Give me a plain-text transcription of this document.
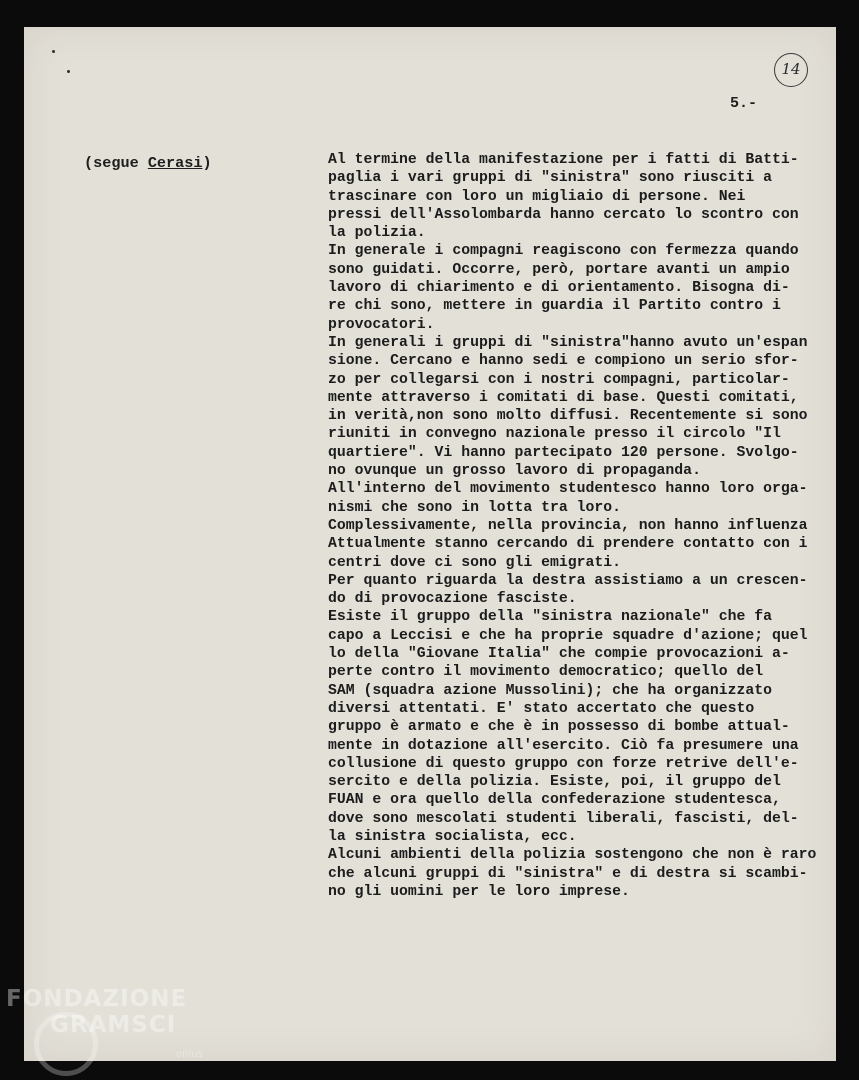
14
5.-
(segue Cerasi)	Al termine della manifestazione per i fatti di Batti-
paglia i vari gruppi di "sinistra" sono riusciti a
trascinare con loro un migliaio di persone. Nei
pressi dell'Assolombarda hanno cercato lo scontro con
la polizia.
In generale i compagni reagiscono con fermezza quando
sono guidati. Occorre, però, portare avanti un ampio
lavoro di chiarimento e di orientamento. Bisogna di-
re chi sono, mettere in guardia il Partito contro i
provocatori.
In generali i gruppi di "sinistra"hanno avuto un'espan
sione. Cercano e hanno sedi e compiono un serio sfor-
zo per collegarsi con i nostri compagni, particolar-
mente attraverso i comitati di base. Questi comitati,
in verità,non sono molto diffusi. Recentemente si sono
riuniti in convegno nazionale presso il circolo "Il
quartiere". Vi hanno partecipato 120 persone. Svolgo-
no ovunque un grosso lavoro di propaganda.
All'interno del movimento studentesco hanno loro orga-
nismi che sono in lotta tra loro.
Complessivamente, nella provincia, non hanno influenza
Attualmente stanno cercando di prendere contatto con i
centri dove ci sono gli emigrati.
Per quanto riguarda la destra assistiamo a un crescen-
do di provocazione fasciste.
Esiste il gruppo della "sinistra nazionale" che fa
capo a Leccisi e che ha proprie squadre d'azione; quel
lo della "Giovane Italia" che compie provocazioni a-
perte contro il movimento democratico; quello del
SAM (squadra azione Mussolini); che ha organizzato
diversi attentati. E' stato accertato che questo
gruppo è armato e che è in possesso di bombe attual-
mente in dotazione all'esercito. Ciò fa presumere una
collusione di questo gruppo con forze retrive dell'e-
sercito e della polizia. Esiste, poi, il gruppo del
FUAN e ora quello della confederazione studentesca,
dove sono mescolati studenti liberali, fascisti, del-
la sinistra socialista, ecc.
Alcuni ambienti della polizia sostengono che non è raro
che alcuni gruppi di "sinistra" e di destra si scambi-
no gli uomini per le loro imprese.
FONDAZIONE
GRAMSCI
onlus
